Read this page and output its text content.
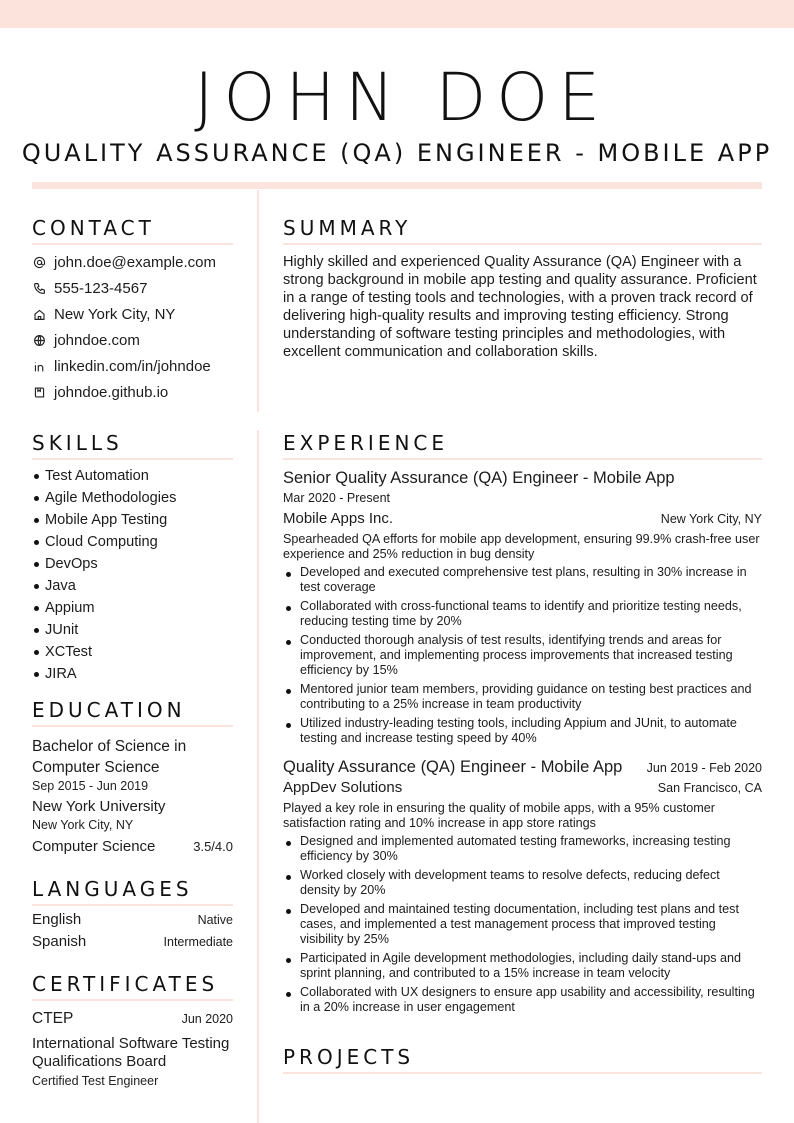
JOHN DOE
QUALITY ASSURANCE (QA) ENGINEER - MOBILE APP
CONTACT
john.doe@example.com
555-123-4567
New York City, NY
johndoe.com
linkedin.com/in/johndoe
johndoe.github.io
SUMMARY
Highly skilled and experienced Quality Assurance (QA) Engineer with a strong background in mobile app testing and quality assurance. Proficient in a range of testing tools and technologies, with a proven track record of delivering high-quality results and improving testing efficiency. Strong understanding of software testing principles and methodologies, with excellent communication and collaboration skills.
SKILLS
Test Automation
Agile Methodologies
Mobile App Testing
Cloud Computing
DevOps
Java
Appium
JUnit
XCTest
JIRA
EDUCATION
Bachelor of Science in Computer Science
Sep 2015 - Jun 2019
New York University
New York City, NY
Computer Science	3.5/4.0
LANGUAGES
English	Native
Spanish	Intermediate
CERTIFICATES
CTEP	Jun 2020
International Software Testing Qualifications Board
Certified Test Engineer
EXPERIENCE
Senior Quality Assurance (QA) Engineer - Mobile App
Mar 2020 - Present
Mobile Apps Inc.	New York City, NY
Spearheaded QA efforts for mobile app development, ensuring 99.9% crash-free user experience and 25% reduction in bug density
Developed and executed comprehensive test plans, resulting in 30% increase in test coverage
Collaborated with cross-functional teams to identify and prioritize testing needs, reducing testing time by 20%
Conducted thorough analysis of test results, identifying trends and areas for improvement, and implementing process improvements that increased testing efficiency by 15%
Mentored junior team members, providing guidance on testing best practices and contributing to a 25% increase in team productivity
Utilized industry-leading testing tools, including Appium and JUnit, to automate testing and increase testing speed by 40%
Quality Assurance (QA) Engineer - Mobile App Jun 2019 - Feb 2020
AppDev Solutions	San Francisco, CA
Played a key role in ensuring the quality of mobile apps, with a 95% customer satisfaction rating and 10% increase in app store ratings
Designed and implemented automated testing frameworks, increasing testing efficiency by 30%
Worked closely with development teams to resolve defects, reducing defect density by 20%
Developed and maintained testing documentation, including test plans and test cases, and implemented a test management process that improved testing visibility by 25%
Participated in Agile development methodologies, including daily stand-ups and sprint planning, and contributed to a 15% increase in team velocity
Collaborated with UX designers to ensure app usability and accessibility, resulting in a 20% increase in user engagement
PROJECTS
